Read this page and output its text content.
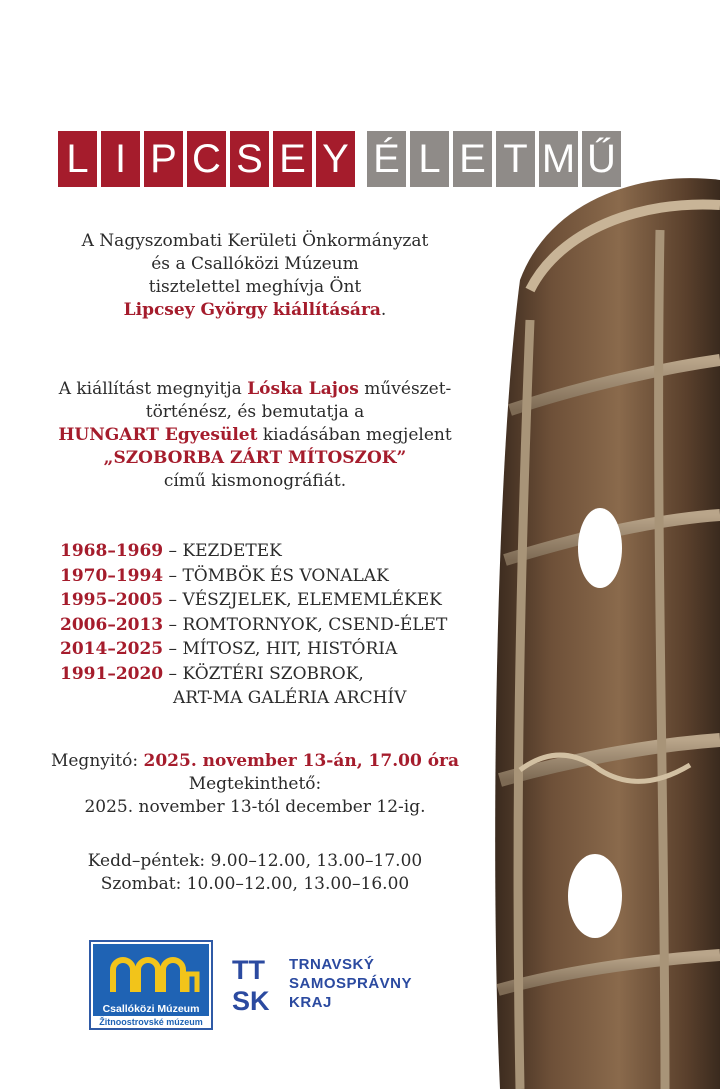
L I P C S E Y É L E T M Ű
A Nagyszombati Kerületi Önkormányzat
és a Csallóközi Múzeum
tisztelettel meghívja Önt
Lipcsey György kiállítására.
A kiállítást megnyitja Lóska Lajos művészet-
történész, és bemutatja a
HUNGART Egyesület kiadásában megjelent
„SZOBORBA ZÁRT MÍTOSZOK”
című kismonográfiát.
1968–1969 – KEZDETEK
1970–1994 – TÖMBÖK ÉS VONALAK
1995–2005 – VÉSZJELEK, ELEMEMLÉKEK
2006–2013 – ROMTORNYOK, CSEND-ÉLET
2014–2025 – MÍTOSZ, HIT, HISTÓRIA
1991–2020 – KÖZTÉRI SZOBROK,
ART-MA GALÉRIA ARCHÍV
Megnyitó: 2025. november 13-án, 17.00 óra
Megtekinthető:
2025. november 13-tól december 12-ig.
Kedd–péntek: 9.00–12.00, 13.00–17.00
Szombat: 10.00–12.00, 13.00–16.00
Csallóközi Múzeum
Žitnoostrovské múzeum
TT
SK
TRNAVSKÝ
SAMOSPRÁVNY
KRAJ
